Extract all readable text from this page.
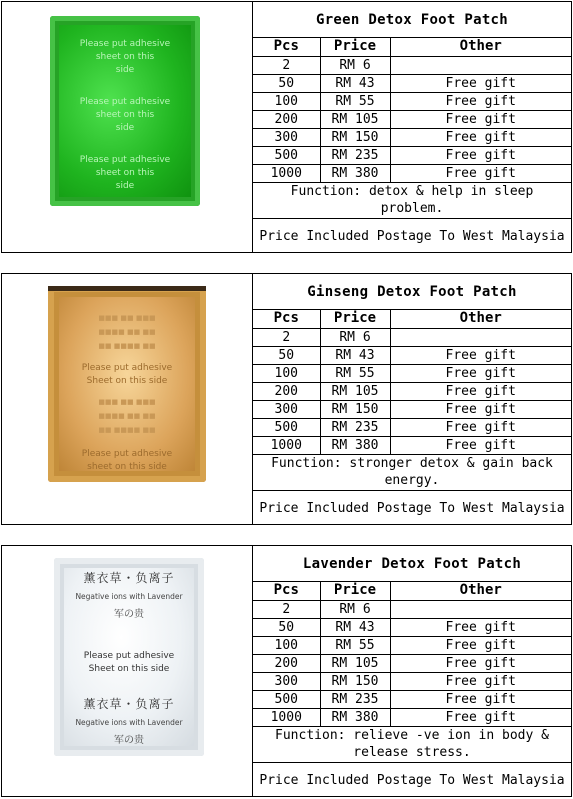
Please put adhesive
sheet on this
side
Please put adhesive
sheet on this
side
Please put adhesive
sheet on this
side
Green Detox Foot Patch
Pcs	Price	Other
2	RM 6	
50	RM 43	Free gift
100	RM 55	Free gift
200	RM 105	Free gift
300	RM 150	Free gift
500	RM 235	Free gift
1000	RM 380	Free gift
Function: detox & help in sleep problem.
Price Included Postage To West Malaysia
■■■ ■■ ■■■
■■■■ ■■ ■■
■■ ■■■■ ■■
Please put adhesive
Sheet on this side
■■■ ■■ ■■■
■■■■ ■■ ■■
■■ ■■■■ ■■
Please put adhesive
sheet on this side
Ginseng Detox Foot Patch
Pcs	Price	Other
2	RM 6	
50	RM 43	Free gift
100	RM 55	Free gift
200	RM 105	Free gift
300	RM 150	Free gift
500	RM 235	Free gift
1000	RM 380	Free gift
Function: stronger detox & gain back energy.
Price Included Postage To West Malaysia
薰衣草・负离子
Negative ions with Lavender
军の贵
Please put adhesive
Sheet on this side
薰衣草・负离子
Negative ions with Lavender
军の贵
Lavender Detox Foot Patch
Pcs	Price	Other
2	RM 6	
50	RM 43	Free gift
100	RM 55	Free gift
200	RM 105	Free gift
300	RM 150	Free gift
500	RM 235	Free gift
1000	RM 380	Free gift
Function: relieve -ve ion in body & release stress.
Price Included Postage To West Malaysia
